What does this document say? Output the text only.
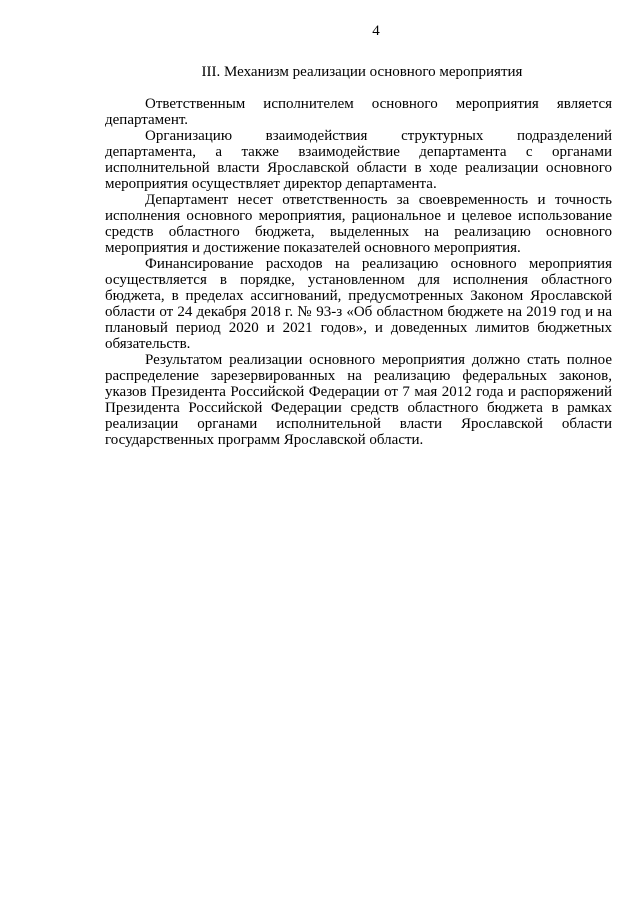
4
III. Механизм реализации основного мероприятия

Ответственным исполнителем основного мероприятия является департамент.

Организацию взаимодействия структурных подразделений департамента, а также взаимодействие департамента с органами исполнительной власти Ярославской области в ходе реализации основного мероприятия осуществляет директор департамента.

Департамент несет ответственность за своевременность и точность исполнения основного мероприятия, рациональное и целевое использование средств областного бюджета, выделенных на реализацию основного мероприятия и достижение показателей основного мероприятия.

Финансирование расходов на реализацию основного мероприятия осуществляется в порядке, установленном для исполнения областного бюджета, в пределах ассигнований, предусмотренных Законом Ярославской области от 24 декабря 2018 г. № 93-з «Об областном бюджете на 2019 год и на плановый период 2020 и 2021 годов», и доведенных лимитов бюджетных обязательств.

Результатом реализации основного мероприятия должно стать полное распределение зарезервированных на реализацию федеральных законов, указов Президента Российской Федерации от 7 мая 2012 года и распоряжений Президента Российской Федерации средств областного бюджета в рамках реализации органами исполнительной власти Ярославской области государственных программ Ярославской области.
